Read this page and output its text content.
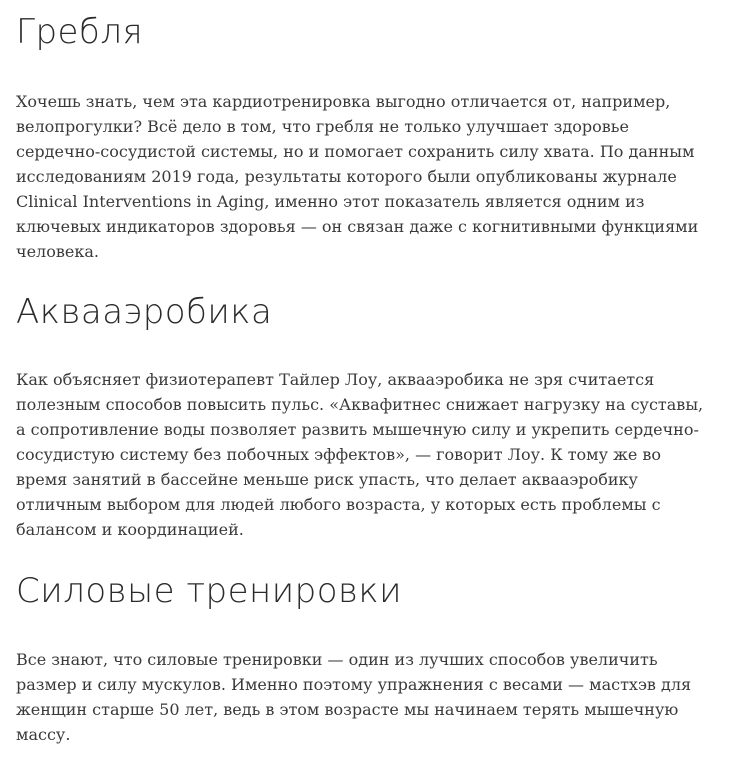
Гребля

Хочешь знать, чем эта кардиотренировка выгодно отличается от, например, велопрогулки? Всё дело в том, что гребля не только улучшает здоровье сердечно-сосудистой системы, но и помогает сохранить силу хвата. По данным исследованиям 2019 года, результаты которого были опубликованы журнале Clinical Interventions in Aging, именно этот показатель является одним из ключевых индикаторов здоровья — он связан даже с когнитивными функциями человека.

Аквааэробика

Как объясняет физиотерапевт Тайлер Лоу, аквааэробика не зря считается полезным способов повысить пульс. «Аквафитнес снижает нагрузку на суставы, а сопротивление воды позволяет развить мышечную силу и укрепить сердечно-сосудистую систему без побочных эффектов», — говорит Лоу. К тому же во время занятий в бассейне меньше риск упасть, что делает аквааэробику отличным выбором для людей любого возраста, у которых есть проблемы с балансом и координацией.

Силовые тренировки

Все знают, что силовые тренировки — один из лучших способов увеличить размер и силу мускулов. Именно поэтому упражнения с весами — мастхэв для женщин старше 50 лет, ведь в этом возрасте мы начинаем терять мышечную массу.
